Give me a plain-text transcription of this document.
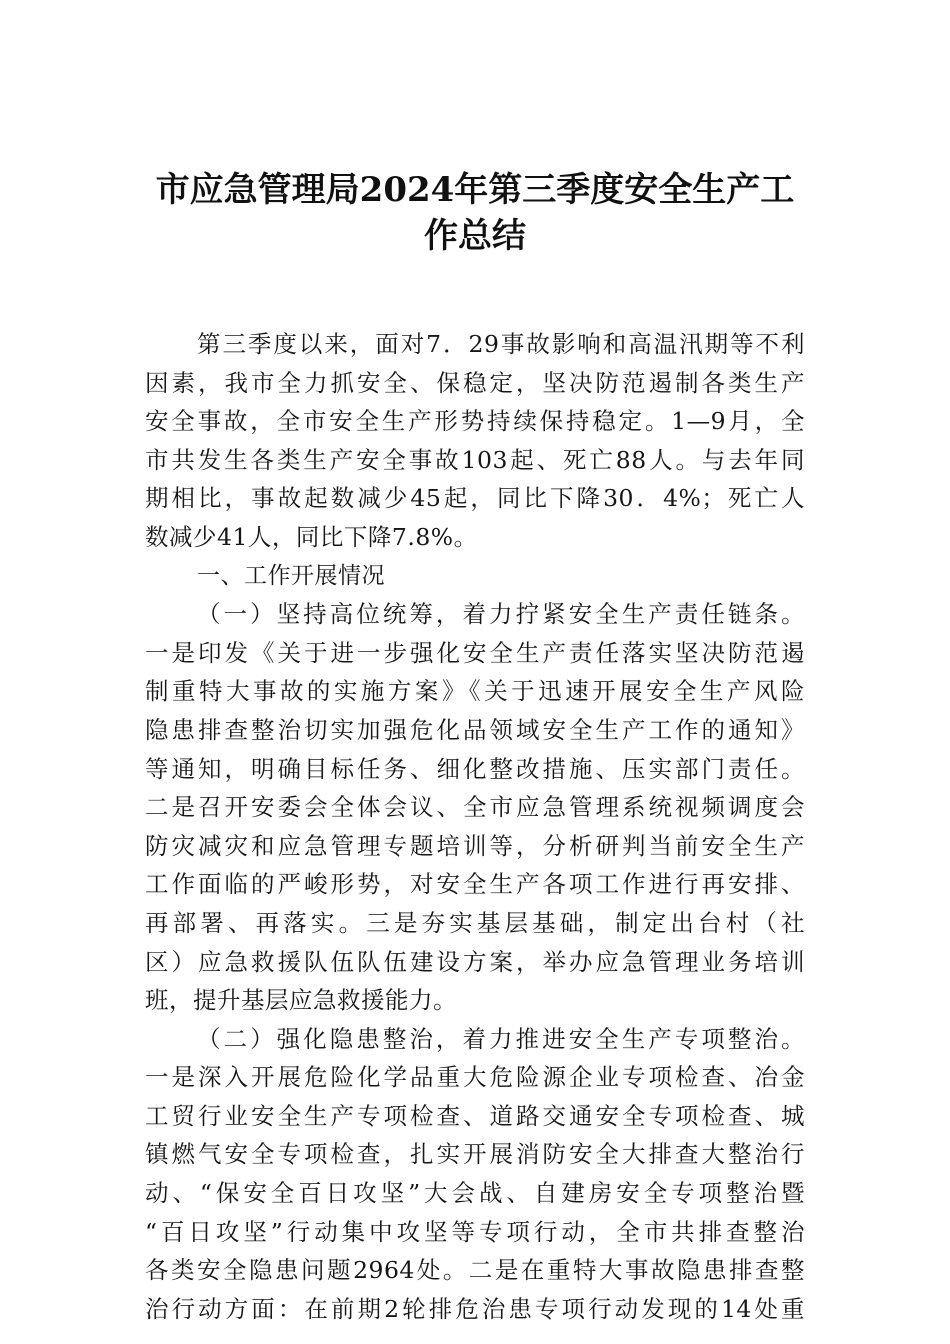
市应急管理局2024年第三季度安全生产工
作总结
第三季度以来，面对7．29事故影响和高温汛期等不利
因素，我市全力抓安全、保稳定，坚决防范遏制各类生产
安全事故，全市安全生产形势持续保持稳定。1—9月，全
市共发生各类生产安全事故103起、死亡88人。与去年同
期相比，事故起数减少45起，同比下降30．4%；死亡人
数减少41人，同比下降7.8%。
一、工作开展情况
（一）坚持高位统筹，着力拧紧安全生产责任链条。
一是印发《关于进一步强化安全生产责任落实坚决防范遏
制重特大事故的实施方案》《关于迅速开展安全生产风险
隐患排查整治切实加强危化品领域安全生产工作的通知》
等通知，明确目标任务、细化整改措施、压实部门责任。
二是召开安委会全体会议、全市应急管理系统视频调度会
防灾减灾和应急管理专题培训等，分析研判当前安全生产
工作面临的严峻形势，对安全生产各项工作进行再安排、
再部署、再落实。三是夯实基层基础，制定出台村（社
区）应急救援队伍队伍建设方案，举办应急管理业务培训
班，提升基层应急救援能力。
（二）强化隐患整治，着力推进安全生产专项整治。
一是深入开展危险化学品重大危险源企业专项检查、冶金
工贸行业安全生产专项检查、道路交通安全专项检查、城
镇燃气安全专项检查，扎实开展消防安全大排查大整治行
动、“保安全百日攻坚”大会战、自建房安全专项整治暨
“百日攻坚”行动集中攻坚等专项行动，全市共排查整治
各类安全隐患问题2964处。二是在重特大事故隐患排查整
治行动方面：在前期2轮排危治患专项行动发现的14处重
